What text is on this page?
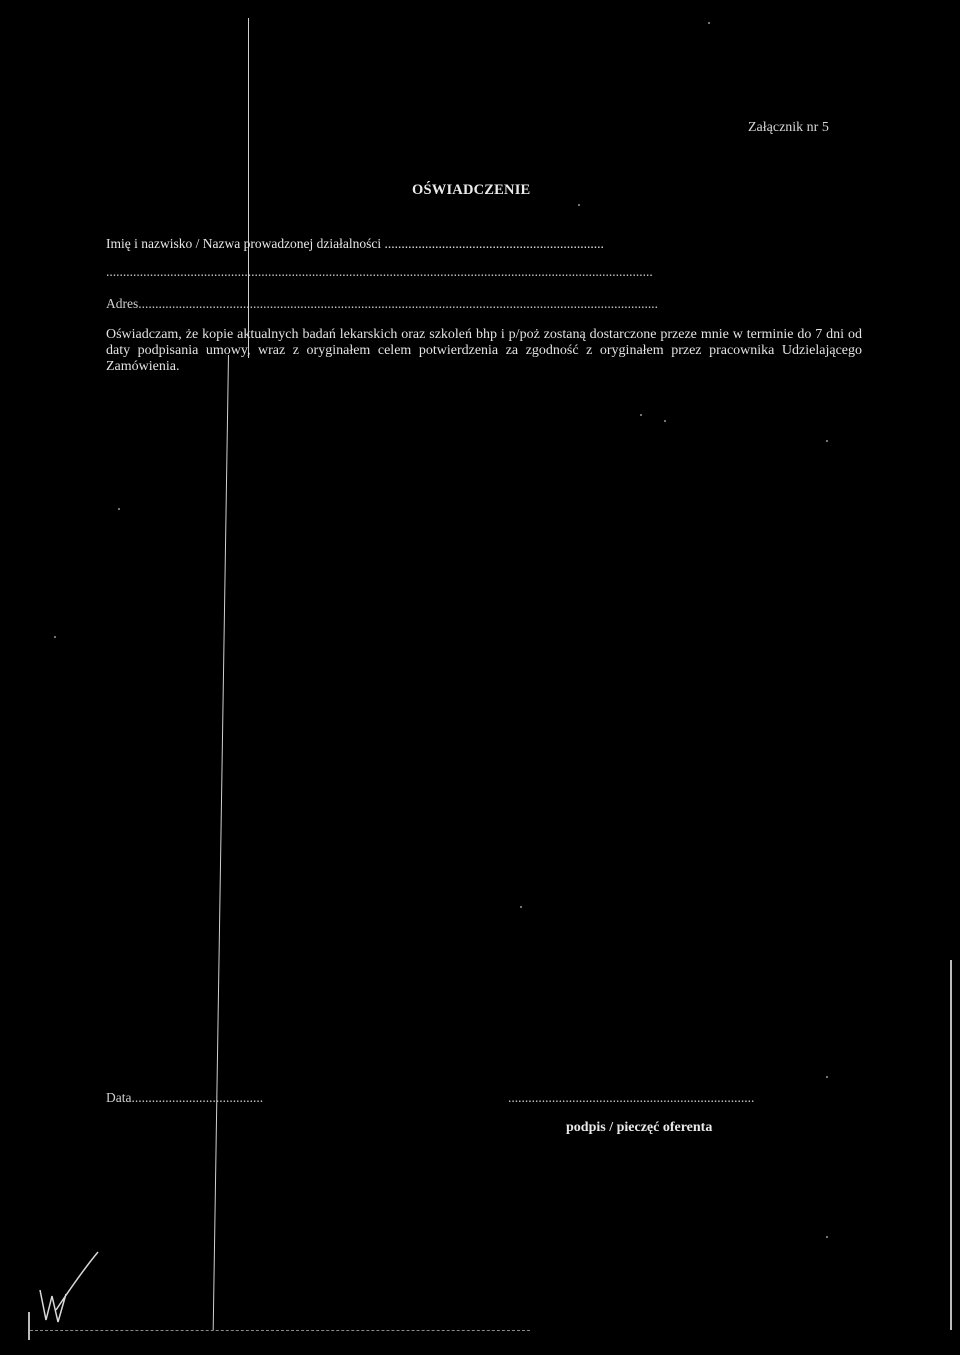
Załącznik nr 5
OŚWIADCZENIE
Imię i nazwisko / Nazwa prowadzonej działalności .................................................................
..................................................................................................................................................................
Adres..........................................................................................................................................................
Oświadczam, że kopie aktualnych badań lekarskich oraz szkoleń bhp i p/poż zostaną dostarczone przeze mnie w terminie do 7 dni od daty podpisania umowy, wraz z oryginałem celem potwierdzenia za zgodność z oryginałem przez pracownika Udzielającego Zamówienia.
Data.......................................	.........................................................................
podpis / pieczęć oferenta
